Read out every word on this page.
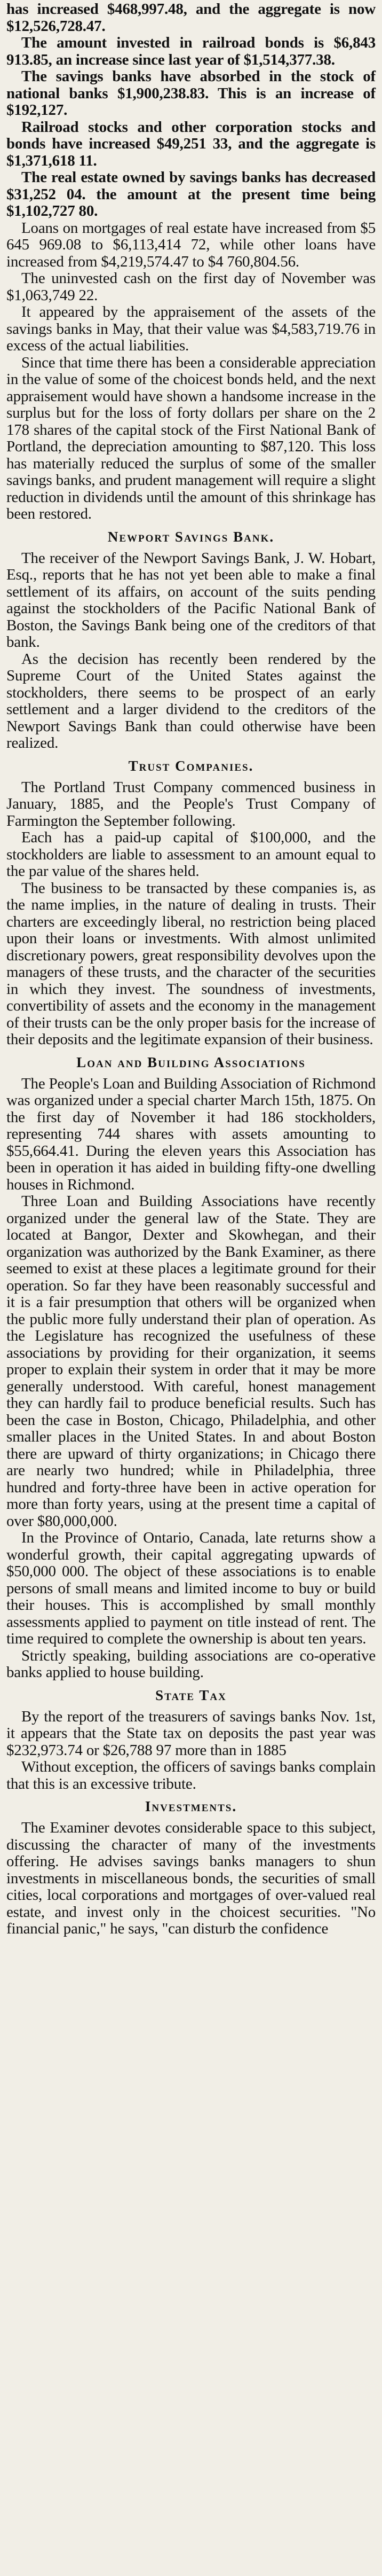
has increased $468,997.48, and the aggregate is now $12,526,728.47.

The amount invested in railroad bonds is $6,843 913.85, an increase since last year of $1,514,377.38.

The savings banks have absorbed in the stock of national banks $1,900,238.83. This is an increase of $192,127.

Railroad stocks and other corporation stocks and bonds have increased $49,251 33, and the aggregate is $1,371,618 11.

The real estate owned by savings banks has decreased $31,252 04. the amount at the present time being $1,102,727 80.

Loans on mortgages of real estate have increased from $5 645 969.08 to $6,113,414 72, while other loans have increased from $4,219,574.47 to $4 760,804.56.

The uninvested cash on the first day of November was $1,063,749 22.

It appeared by the appraisement of the assets of the savings banks in May, that their value was $4,583,719.76 in excess of the actual liabilities.

Since that time there has been a considerable appreciation in the value of some of the choicest bonds held, and the next appraisement would have shown a handsome increase in the surplus but for the loss of forty dollars per share on the 2 178 shares of the capital stock of the First National Bank of Portland, the depreciation amounting to $87,120. This loss has materially reduced the surplus of some of the smaller savings banks, and prudent management will require a slight reduction in dividends until the amount of this shrinkage has been restored.

Newport Savings Bank.

The receiver of the Newport Savings Bank, J. W. Hobart, Esq., reports that he has not yet been able to make a final settlement of its affairs, on account of the suits pending against the stockholders of the Pacific National Bank of Boston, the Savings Bank being one of the creditors of that bank.

As the decision has recently been rendered by the Supreme Court of the United States against the stockholders, there seems to be prospect of an early settlement and a larger dividend to the creditors of the Newport Savings Bank than could otherwise have been realized.

Trust Companies.

The Portland Trust Company commenced business in January, 1885, and the People's Trust Company of Farmington the September following.

Each has a paid-up capital of $100,000, and the stockholders are liable to assessment to an amount equal to the par value of the shares held.

The business to be transacted by these companies is, as the name implies, in the nature of dealing in trusts. Their charters are exceedingly liberal, no restriction being placed upon their loans or investments. With almost unlimited discretionary powers, great responsibility devolves upon the managers of these trusts, and the character of the securities in which they invest. The soundness of investments, convertibility of assets and the economy in the management of their trusts can be the only proper basis for the increase of their deposits and the legitimate expansion of their business.

Loan and Building Associations

The People's Loan and Building Association of Richmond was organized under a special charter March 15th, 1875. On the first day of November it had 186 stockholders, representing 744 shares with assets amounting to $55,664.41. During the eleven years this Association has been in operation it has aided in building fifty-one dwelling houses in Richmond.

Three Loan and Building Associations have recently organized under the general law of the State. They are located at Bangor, Dexter and Skowhegan, and their organization was authorized by the Bank Examiner, as there seemed to exist at these places a legitimate ground for their operation. So far they have been reasonably successful and it is a fair presumption that others will be organized when the public more fully understand their plan of operation. As the Legislature has recognized the usefulness of these associations by providing for their organization, it seems proper to explain their system in order that it may be more generally understood. With careful, honest management they can hardly fail to produce beneficial results. Such has been the case in Boston, Chicago, Philadelphia, and other smaller places in the United States. In and about Boston there are upward of thirty organizations; in Chicago there are nearly two hundred; while in Philadelphia, three hundred and forty-three have been in active operation for more than forty years, using at the present time a capital of over $80,000,000.

In the Province of Ontario, Canada, late returns show a wonderful growth, their capital aggregating upwards of $50,000 000. The object of these associations is to enable persons of small means and limited income to buy or build their houses. This is accomplished by small monthly assessments applied to payment on title instead of rent. The time required to complete the ownership is about ten years.

Strictly speaking, building associations are co-operative banks applied to house building.

State Tax

By the report of the treasurers of savings banks Nov. 1st, it appears that the State tax on deposits the past year was $232,973.74 or $26,788 97 more than in 1885

Without exception, the officers of savings banks complain that this is an excessive tribute.

Investments.

The Examiner devotes considerable space to this subject, discussing the character of many of the investments offering. He advises savings banks managers to shun investments in miscellaneous bonds, the securities of small cities, local corporations and mortgages of over-valued real estate, and invest only in the choicest securities. "No financial panic," he says, "can disturb the confidence
